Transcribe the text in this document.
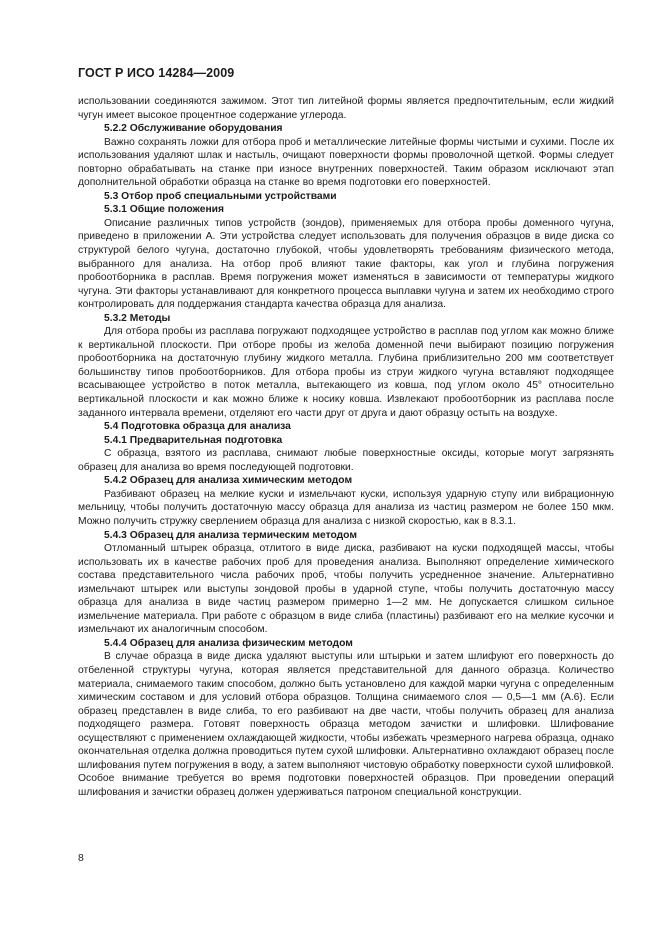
ГОСТ Р ИСО 14284—2009

использовании соединяются зажимом. Этот тип литейной формы является предпочтительным, если жидкий чугун имеет высокое процентное содержание углерода.

5.2.2 Обслуживание оборудования

Важно сохранять ложки для отбора проб и металлические литейные формы чистыми и сухими. После их использования удаляют шлак и настыль, очищают поверхности формы проволочной щеткой. Формы следует повторно обрабатывать на станке при износе внутренних поверхностей. Таким образом исключают этап дополнительной обработки образца на станке во время подготовки его поверхностей.

5.3 Отбор проб специальными устройствами

5.3.1 Общие положения

Описание различных типов устройств (зондов), применяемых для отбора пробы доменного чугуна, приведено в приложении А. Эти устройства следует использовать для получения образцов в виде диска со структурой белого чугуна, достаточно глубокой, чтобы удовлетворять требованиям физического метода, выбранного для анализа. На отбор проб влияют такие факторы, как угол и глубина погружения пробоотборника в расплав. Время погружения может изменяться в зависимости от температуры жидкого чугуна. Эти факторы устанавливают для конкретного процесса выплавки чугуна и затем их необходимо строго контролировать для поддержания стандарта качества образца для анализа.

5.3.2 Методы

Для отбора пробы из расплава погружают подходящее устройство в расплав под углом как можно ближе к вертикальной плоскости. При отборе пробы из желоба доменной печи выбирают позицию погружения пробоотборника на достаточную глубину жидкого металла. Глубина приблизительно 200 мм соответствует большинству типов пробоотборников. Для отбора пробы из струи жидкого чугуна вставляют подходящее всасывающее устройство в поток металла, вытекающего из ковша, под углом около 45° относительно вертикальной плоскости и как можно ближе к носику ковша. Извлекают пробоотборник из расплава после заданного интервала времени, отделяют его части друг от друга и дают образцу остыть на воздухе.

5.4 Подготовка образца для анализа

5.4.1 Предварительная подготовка

С образца, взятого из расплава, снимают любые поверхностные оксиды, которые могут загрязнять образец для анализа во время последующей подготовки.

5.4.2 Образец для анализа химическим методом

Разбивают образец на мелкие куски и измельчают куски, используя ударную ступу или вибрационную мельницу, чтобы получить достаточную массу образца для анализа из частиц размером не более 150 мкм. Можно получить стружку сверлением образца для анализа с низкой скоростью, как в 8.3.1.

5.4.3 Образец для анализа термическим методом

Отломанный штырек образца, отлитого в виде диска, разбивают на куски подходящей массы, чтобы использовать их в качестве рабочих проб для проведения анализа. Выполняют определение химического состава представительного числа рабочих проб, чтобы получить усредненное значение. Альтернативно измельчают штырек или выступы зондовой пробы в ударной ступе, чтобы получить достаточную массу образца для анализа в виде частиц размером примерно 1—2 мм. Не допускается слишком сильное измельчение материала. При работе с образцом в виде слиба (пластины) разбивают его на мелкие кусочки и измельчают их аналогичным способом.

5.4.4 Образец для анализа физическим методом

В случае образца в виде диска удаляют выступы или штырьки и затем шлифуют его поверхность до отбеленной структуры чугуна, которая является представительной для данного образца. Количество материала, снимаемого таким способом, должно быть установлено для каждой марки чугуна с определенным химическим составом и для условий отбора образцов. Толщина снимаемого слоя — 0,5—1 мм (А.6). Если образец представлен в виде слиба, то его разбивают на две части, чтобы получить образец для анализа подходящего размера. Готовят поверхность образца методом зачистки и шлифовки. Шлифование осуществляют с применением охлаждающей жидкости, чтобы избежать чрезмерного нагрева образца, однако окончательная отделка должна проводиться путем сухой шлифовки. Альтернативно охлаждают образец после шлифования путем погружения в воду, а затем выполняют чистовую обработку поверхности сухой шлифовкой. Особое внимание требуется во время подготовки поверхностей образцов. При проведении операций шлифования и зачистки образец должен удерживаться патроном специальной конструкции.

8
